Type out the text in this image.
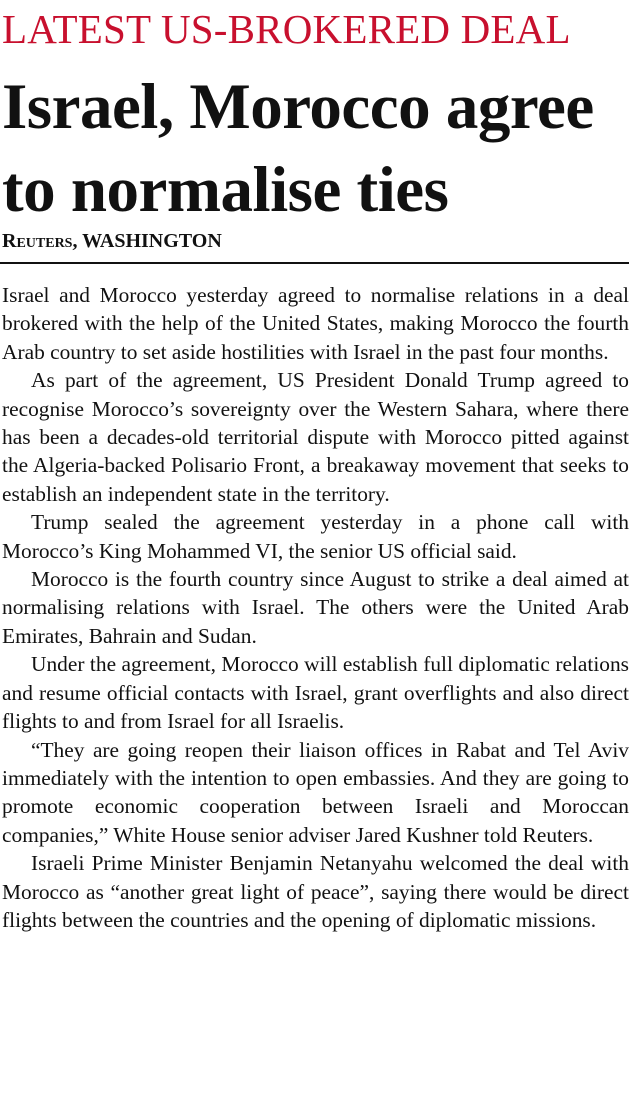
LATEST US-BROKERED DEAL
Israel, Morocco agree to normalise ties
Reuters, WASHINGTON

Israel and Morocco yesterday agreed to normalise relations in a deal brokered with the help of the United States, making Morocco the fourth Arab country to set aside hostilities with Israel in the past four months.

As part of the agreement, US President Donald Trump agreed to recognise Morocco’s sovereignty over the Western Sahara, where there has been a decades-old territorial dispute with Morocco pitted against the Algeria-backed Polisario Front, a breakaway movement that seeks to establish an independent state in the territory.

Trump sealed the agreement yesterday in a phone call with Morocco’s King Mohammed VI, the senior US official said.

Morocco is the fourth country since August to strike a deal aimed at normalising relations with Israel. The others were the United Arab Emirates, Bahrain and Sudan.

Under the agreement, Morocco will establish full diplomatic relations and resume official contacts with Israel, grant overflights and also direct flights to and from Israel for all Israelis.

“They are going reopen their liaison offices in Rabat and Tel Aviv immediately with the intention to open embassies. And they are going to promote economic cooperation between Israeli and Moroccan companies,” White House senior adviser Jared Kushner told Reuters.

Israeli Prime Minister Benjamin Netanyahu welcomed the deal with Morocco as “another great light of peace”, saying there would be direct flights between the countries and the opening of diplomatic missions.
